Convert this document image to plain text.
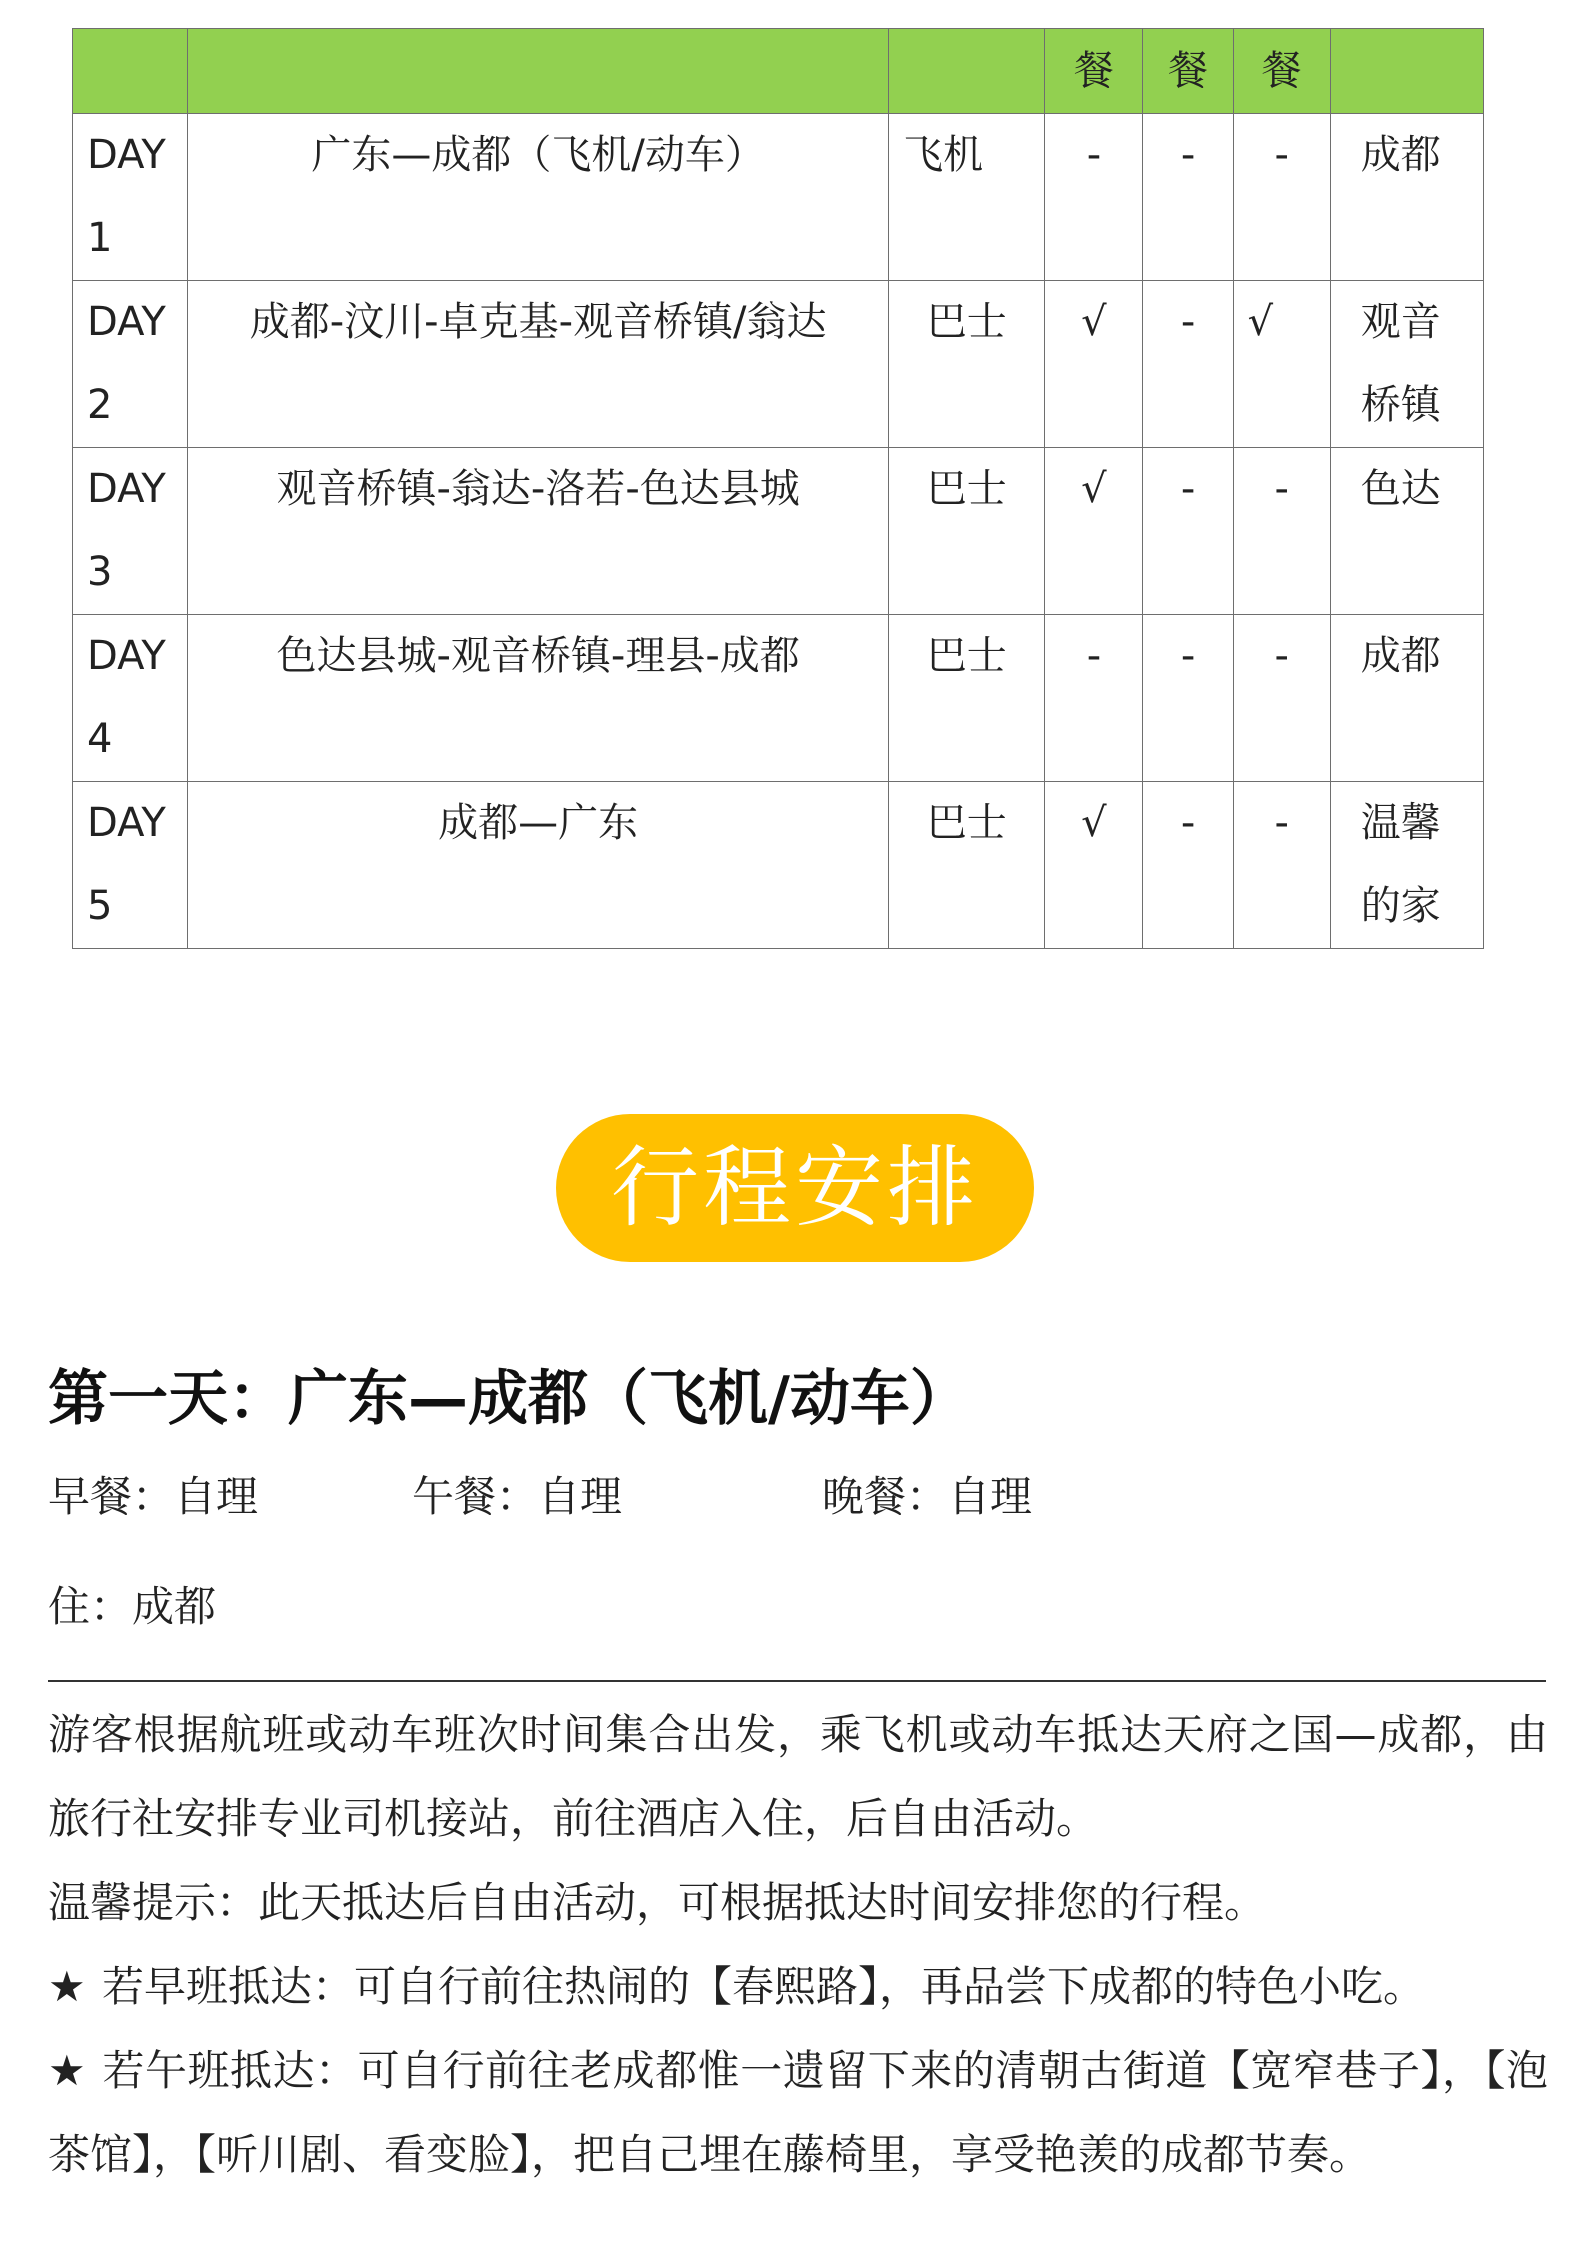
			餐	餐	餐	
DAY1	广东—成都（飞机/动车）	飞机	-	-	-	成都
DAY2	成都-汶川-卓克基-观音桥镇/翁达	巴士	√	-	√	观音桥镇
DAY3	观音桥镇-翁达-洛若-色达县城	巴士	√	-	-	色达
DAY4	色达县城-观音桥镇-理县-成都	巴士	-	-	-	成都
DAY5	成都—广东	巴士	√	-	-	温馨的家
行程安排
第一天：广东—成都（飞机/动车）
早餐：自理	午餐：自理	晚餐：自理
住：成都

游客根据航班或动车班次时间集合出发，乘飞机或动车抵达天府之国—成都，由旅行社安排专业司机接站，前往酒店入住，后自由活动。

温馨提示：此天抵达后自由活动，可根据抵达时间安排您的行程。

★ 若早班抵达：可自行前往热闹的【春熙路】，再品尝下成都的特色小吃。

★ 若午班抵达：可自行前往老成都惟一遗留下来的清朝古街道【宽窄巷子】，【泡茶馆】，【听川剧、看变脸】，把自己埋在藤椅里，享受艳羡的成都节奏。
